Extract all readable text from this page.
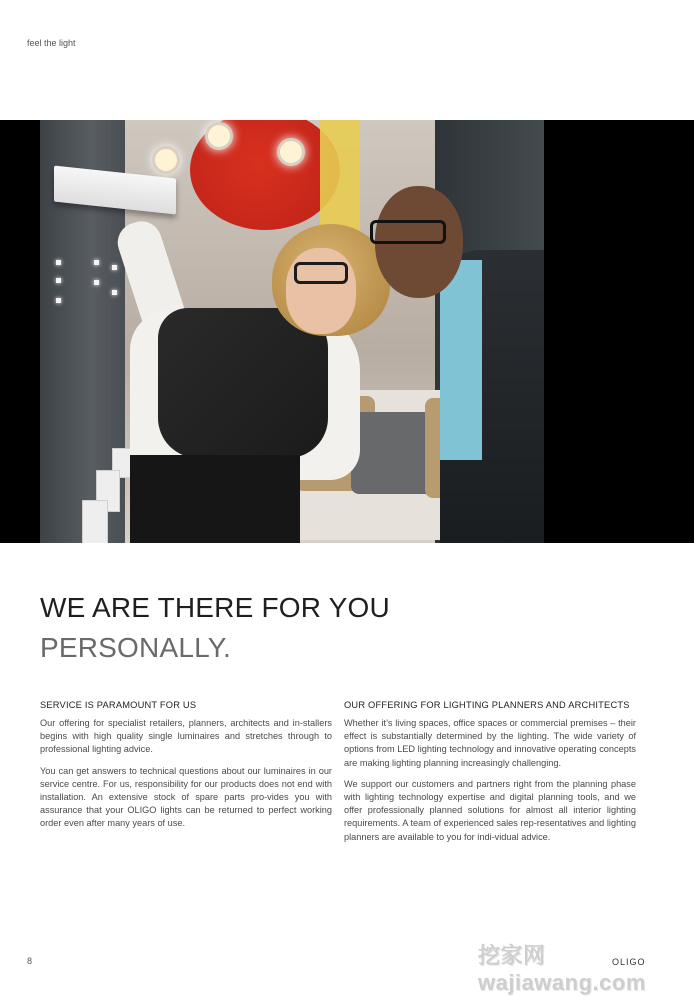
feel the light
WE ARE THERE FOR YOU
PERSONALLY.
SERVICE IS PARAMOUNT FOR US

Our offering for specialist retailers, planners, architects and in-stallers begins with high quality single luminaires and stretches through to professional lighting advice.

You can get answers to technical questions about our luminaires in our service centre. For us, responsibility for our products does not end with installation. An extensive stock of spare parts pro-vides you with assurance that your OLIGO lights can be returned to perfect working order even after many years of use.

OUR OFFERING FOR LIGHTING PLANNERS AND ARCHITECTS

Whether it’s living spaces, office spaces or commercial premises – their effect is substantially determined by the lighting. The wide variety of options from LED lighting technology and innovative operating concepts are making lighting planning increasingly challenging.

We support our customers and partners right from the planning phase with lighting technology expertise and digital planning tools, and we offer professionally planned solutions for almost all interior lighting requirements. A team of experienced sales rep-resentatives and lighting planners are available to you for indi-vidual advice.

8	挖家网 wajiawang.com
OLIGO
